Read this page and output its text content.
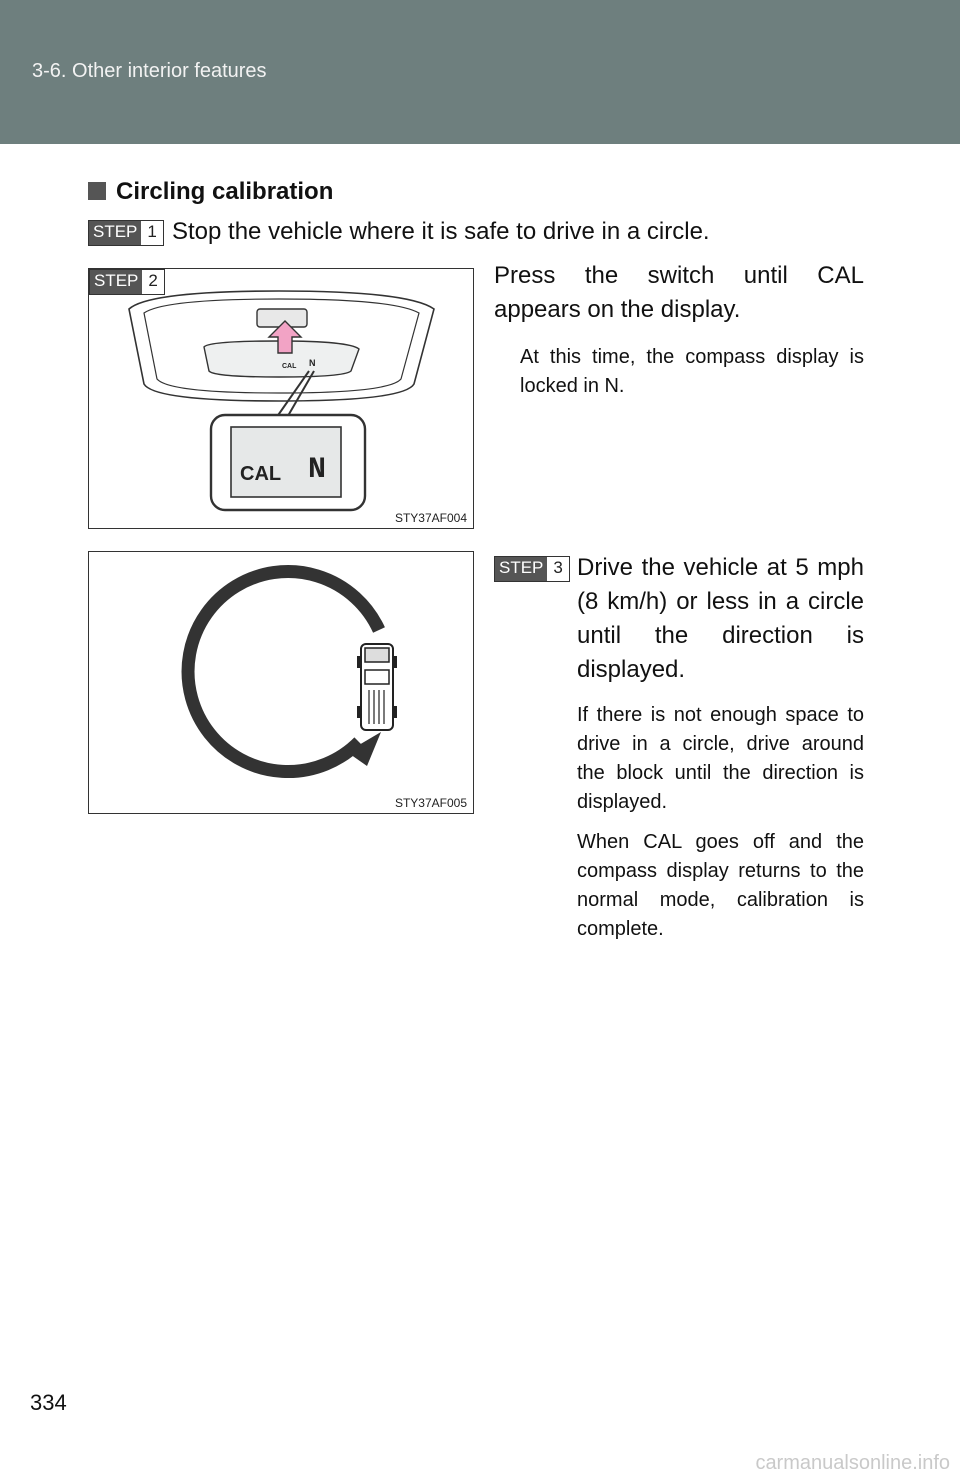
3-6. Other interior features
Circling calibration
STEP 1 Stop the vehicle where it is safe to drive in a circle.
STEP 2
CAL N
CAL N
STY37AF004
Press the switch until CAL appears on the display.
At this time, the compass display is locked in N.
STY37AF005
STEP 3 Drive the vehicle at 5 mph (8 km/h) or less in a circle until the direction is displayed.
If there is not enough space to drive in a circle, drive around the block until the direction is displayed.
When CAL goes off and the compass display returns to the normal mode, calibration is complete.
334
carmanualsonline.info
